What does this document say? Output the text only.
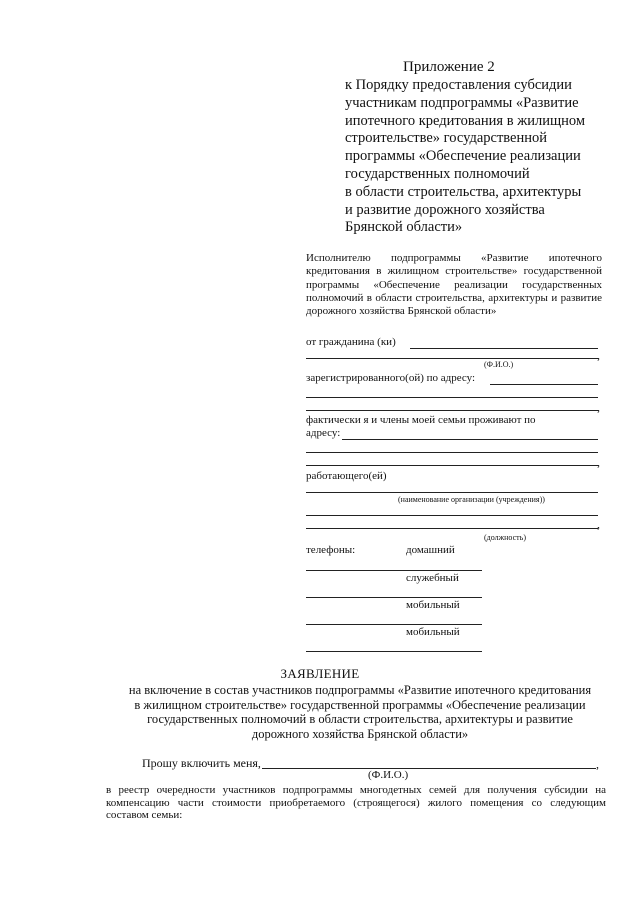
Приложение 2
к Порядку предоставления субсидии
участникам подпрограммы «Развитие
ипотечного кредитования в жилищном
строительстве» государственной
программы «Обеспечение реализации
государственных полномочий
в области строительства, архитектуры
и развитие дорожного хозяйства
Брянской области»
Исполнителю подпрограммы «Развитие ипотечного кредитования в жилищном строительстве» государственной программы «Обеспечение реализации государственных полномочий в области строительства, архитектуры и развитие дорожного хозяйства Брянской области»
от гражданина (ки)
,
(Ф.И.О.)
зарегистрированного(ой) по адресу:
,
фактически я и члены моей семьи проживают по
адресу:
,
работающего(ей)
(наименование организации (учреждения))
,
(должность)
телефоны:	домашний
служебный
мобильный
мобильный
ЗАЯВЛЕНИЕ
на включение в состав участников подпрограммы «Развитие ипотечного кредитования
в жилищном строительстве» государственной программы «Обеспечение реализации
государственных полномочий в области строительства, архитектуры и развитие
дорожного хозяйства Брянской области»
Прошу включить меня,	,
(Ф.И.О.)
в реестр очередности участников подпрограммы многодетных семей для получения субсидии на компенсацию части стоимости приобретаемого (строящегося) жилого помещения со следующим составом семьи:
